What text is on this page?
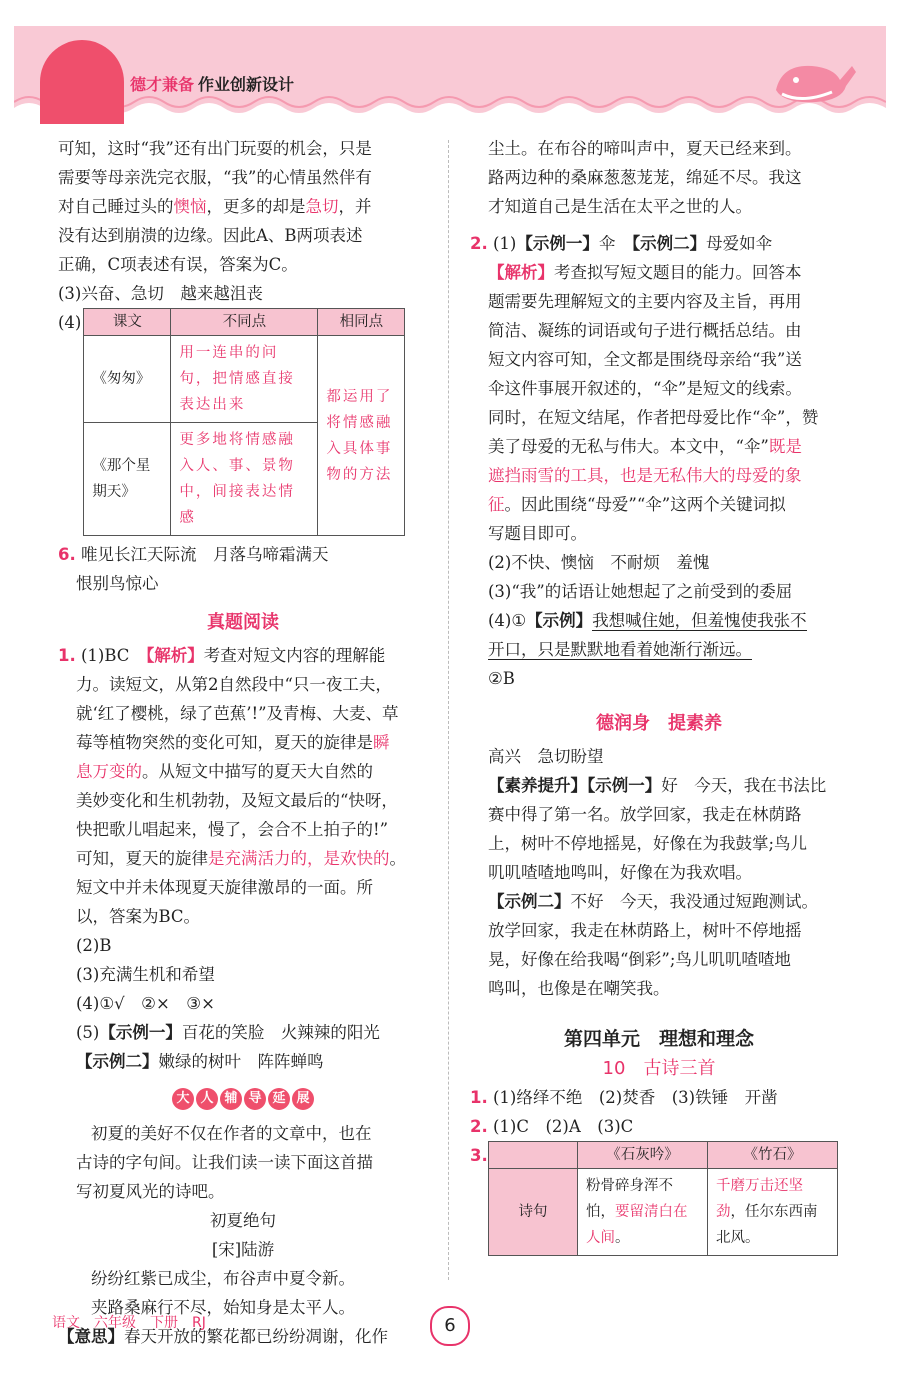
德才兼备 作业创新设计

可知，这时“我”还有出门玩耍的机会，只是

需要等母亲洗完衣服，“我”的心情虽然伴有

对自己睡过头的懊恼，更多的却是急切，并

没有达到崩溃的边缘。因此A、B两项表述

正确，C项表述有误，答案为C。

(3)兴奋、急切　越来越沮丧

(4) 课文	不同点	相同点
《匆匆》	用一连串的问句，把情感直接表达出来	都运用了将情感融入具体事物的方法
《那个星期天》	更多地将情感融入人、事、景物中，间接表达情感	

6. 唯见长江天际流　月落乌啼霜满天

恨别鸟惊心

真题阅读

1. (1)BC　【解析】考查对短文内容的理解能

力。读短文，从第2自然段中“只一夜工夫，

就‘红了樱桃，绿了芭蕉’!”及青梅、大麦、草

莓等植物突然的变化可知，夏天的旋律是瞬

息万变的。从短文中描写的夏天大自然的

美妙变化和生机勃勃，及短文最后的“快呀，

快把歌儿唱起来，慢了，会合不上拍子的!”

可知，夏天的旋律是充满活力的，是欢快的。

短文中并未体现夏天旋律激昂的一面。所

以，答案为BC。

(2)B

(3)充满生机和希望

(4)①√　②×　③×

(5)【示例一】百花的笑脸　火辣辣的阳光

【示例二】嫩绿的树叶　阵阵蝉鸣

大 人 辅 导 延 展

初夏的美好不仅在作者的文章中，也在

古诗的字句间。让我们读一读下面这首描

写初夏风光的诗吧。

初夏绝句

[宋]陆游

纷纷红紫已成尘，布谷声中夏令新。

夹路桑麻行不尽，始知身是太平人。

【意思】春天开放的繁花都已纷纷凋谢，化作

尘土。在布谷的啼叫声中，夏天已经来到。

路两边种的桑麻葱葱茏茏，绵延不尽。我这

才知道自己是生活在太平之世的人。

2. (1)【示例一】伞　【示例二】母爱如伞

【解析】考查拟写短文题目的能力。回答本

题需要先理解短文的主要内容及主旨，再用

简洁、凝练的词语或句子进行概括总结。由

短文内容可知，全文都是围绕母亲给“我”送

伞这件事展开叙述的，“伞”是短文的线索。

同时，在短文结尾，作者把母爱比作“伞”，赞

美了母爱的无私与伟大。本文中，“伞”既是

遮挡雨雪的工具，也是无私伟大的母爱的象

征。因此围绕“母爱”“伞”这两个关键词拟

写题目即可。

(2)不快、懊恼　不耐烦　羞愧

(3)“我”的话语让她想起了之前受到的委屈

(4)①【示例】我想喊住她，但羞愧使我张不

开口，只是默默地看着她渐行渐远。

②B

德润身　提素养

高兴　急切盼望

【素养提升】【示例一】好　今天，我在书法比

赛中得了第一名。放学回家，我走在林荫路

上，树叶不停地摇晃，好像在为我鼓掌;鸟儿

叽叽喳喳地鸣叫，好像在为我欢唱。

【示例二】不好　今天，我没通过短跑测试。

放学回家，我走在林荫路上，树叶不停地摇

晃，好像在给我喝“倒彩”;鸟儿叽叽喳喳地

鸣叫，也像是在嘲笑我。

第四单元　理想和理念
10　古诗三首

1. (1)络绎不绝　(2)焚香　(3)铁锤　开凿

2. (1)C　(2)A　(3)C

3.
		《石灰吟》	《竹石》
诗句	粉骨碎身浑不怕，要留清白在人间。	千磨万击还坚劲，任尔东西南北风。
语文 六年级 下册 RJ	6
